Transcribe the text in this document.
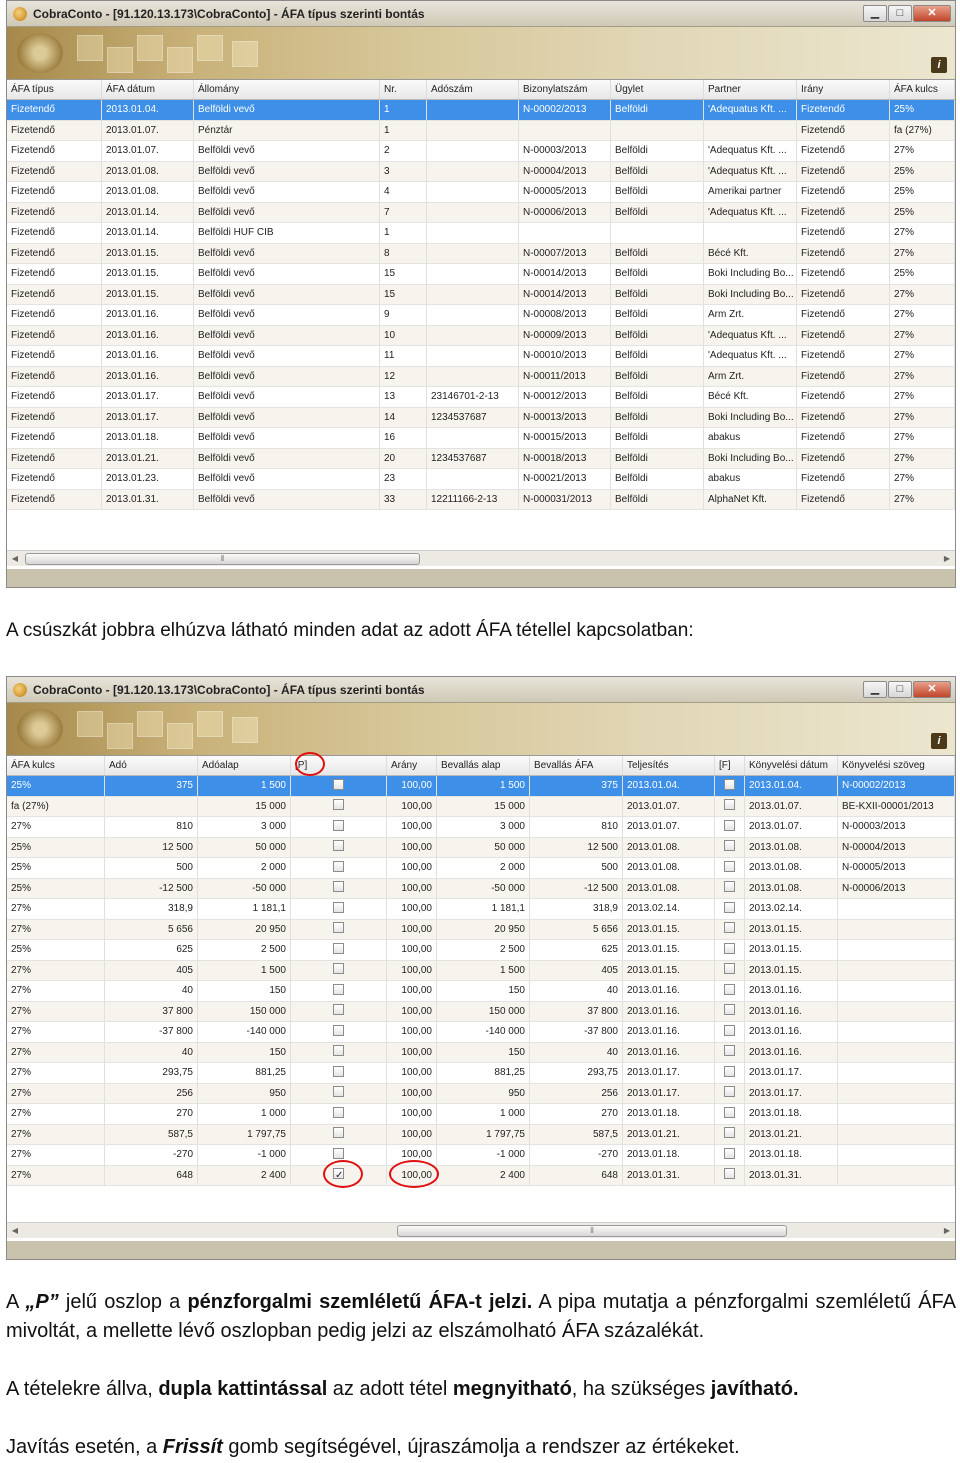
CobraConto - [91.120.13.173\CobraConto] - ÁFA típus szerinti bontás	▁	□	✕
i
ÁFA típus	ÁFA dátum	Állomány	Nr.	Adószám	Bizonylatszám	Ügylet	Partner	Irány	ÁFA kulcs
Fizetendő	2013.01.04.	Belföldi vevő	1	N-00002/2013	Belföldi	'Adequatus Kft. ...	Fizetendő	25%
Fizetendő	2013.01.07.	Pénztár	1	Fizetendő	fa (27%)
Fizetendő	2013.01.07.	Belföldi vevő	2	N-00003/2013	Belföldi	'Adequatus Kft. ...	Fizetendő	27%
Fizetendő	2013.01.08.	Belföldi vevő	3	N-00004/2013	Belföldi	'Adequatus Kft. ...	Fizetendő	25%
Fizetendő	2013.01.08.	Belföldi vevő	4	N-00005/2013	Belföldi	Amerikai partner	Fizetendő	25%
Fizetendő	2013.01.14.	Belföldi vevő	7	N-00006/2013	Belföldi	'Adequatus Kft. ...	Fizetendő	25%
Fizetendő	2013.01.14.	Belföldi HUF CIB	1	Fizetendő	27%
Fizetendő	2013.01.15.	Belföldi vevő	8	N-00007/2013	Belföldi	Bécé Kft.	Fizetendő	27%
Fizetendő	2013.01.15.	Belföldi vevő	15	N-00014/2013	Belföldi	Boki Including Bo... Fizetendő	25%
Fizetendő	2013.01.15.	Belföldi vevő	15	N-00014/2013	Belföldi	Boki Including Bo... Fizetendő	27%
Fizetendő	2013.01.16.	Belföldi vevő	9	N-00008/2013	Belföldi	Arm Zrt.	Fizetendő	27%
Fizetendő	2013.01.16.	Belföldi vevő	10	N-00009/2013	Belföldi	'Adequatus Kft. ...	Fizetendő	27%
Fizetendő	2013.01.16.	Belföldi vevő	11	N-00010/2013	Belföldi	'Adequatus Kft. ...	Fizetendő	27%
Fizetendő	2013.01.16.	Belföldi vevő	12	N-00011/2013	Belföldi	Arm Zrt.	Fizetendő	27%
Fizetendő	2013.01.17.	Belföldi vevő	13	23146701-2-13	N-00012/2013	Belföldi	Bécé Kft.	Fizetendő	27%
Fizetendő	2013.01.17.	Belföldi vevő	14	1234537687	N-00013/2013	Belföldi	Boki Including Bo... Fizetendő	27%
Fizetendő	2013.01.18.	Belföldi vevő	16	N-00015/2013	Belföldi	abakus	Fizetendő	27%
Fizetendő	2013.01.21.	Belföldi vevő	20	1234537687	N-00018/2013	Belföldi	Boki Including Bo... Fizetendő	27%
Fizetendő	2013.01.23.	Belföldi vevő	23	N-00021/2013	Belföldi	abakus	Fizetendő	27%
Fizetendő	2013.01.31.	Belföldi vevő	33	12211166-2-13	N-000031/2013	Belföldi	AlphaNet Kft.	Fizetendő	27%
◀	⦀	▶
A csúszkát jobbra elhúzva látható minden adat az adott ÁFA tétellel kapcsolatban:
CobraConto - [91.120.13.173\CobraConto] - ÁFA típus szerinti bontás	▁	□	✕
i
ÁFA kulcs	Adó	Adóalap	[P]	Arány	Bevallás alap	Bevallás ÁFA	Teljesítés	[F]	Könyvelési dátum	Könyvelési szöveg
25%	375	1 500	100,00	1 500	375 2013.01.04.	2013.01.04.	N-00002/2013
fa (27%)	15 000	100,00	15 000	2013.01.07.	2013.01.07.	BE-KXII-00001/2013
27%	810	3 000	100,00	3 000	810 2013.01.07.	2013.01.07.	N-00003/2013
25%	12 500	50 000	100,00	50 000	12 500 2013.01.08.	2013.01.08.	N-00004/2013
25%	500	2 000	100,00	2 000	500 2013.01.08.	2013.01.08.	N-00005/2013
25%	-12 500	-50 000	100,00	-50 000	-12 500 2013.01.08.	2013.01.08.	N-00006/2013
27%	318,9	1 181,1	100,00	1 181,1	318,9 2013.02.14.	2013.02.14.
27%	5 656	20 950	100,00	20 950	5 656 2013.01.15.	2013.01.15.
25%	625	2 500	100,00	2 500	625 2013.01.15.	2013.01.15.
27%	405	1 500	100,00	1 500	405 2013.01.15.	2013.01.15.
27%	40	150	100,00	150	40 2013.01.16.	2013.01.16.
27%	37 800	150 000	100,00	150 000	37 800 2013.01.16.	2013.01.16.
27%	-37 800	-140 000	100,00	-140 000	-37 800 2013.01.16.	2013.01.16.
27%	40	150	100,00	150	40 2013.01.16.	2013.01.16.
27%	293,75	881,25	100,00	881,25	293,75 2013.01.17.	2013.01.17.
27%	256	950	100,00	950	256 2013.01.17.	2013.01.17.
27%	270	1 000	100,00	1 000	270 2013.01.18.	2013.01.18.
27%	587,5	1 797,75	100,00	1 797,75	587,5 2013.01.21.	2013.01.21.
27%	-270	-1 000	100,00	-1 000	-270 2013.01.18.	2013.01.18.
27%	648	2 400
✓	100,00	2 400	648 2013.01.31.	2013.01.31.
◀	⦀	▶
A „P” jelű oszlop a pénzforgalmi szemléletű ÁFA-t jelzi. A pipa mutatja a pénzforgalmi szemléletű ÁFA mivoltát, a mellette lévő oszlopban pedig jelzi az elszámolható ÁFA százalékát.
A tételekre állva, dupla kattintással az adott tétel megnyitható, ha szükséges javítható.
Javítás esetén, a Frissít gomb segítségével, újraszámolja a rendszer az értékeket.
